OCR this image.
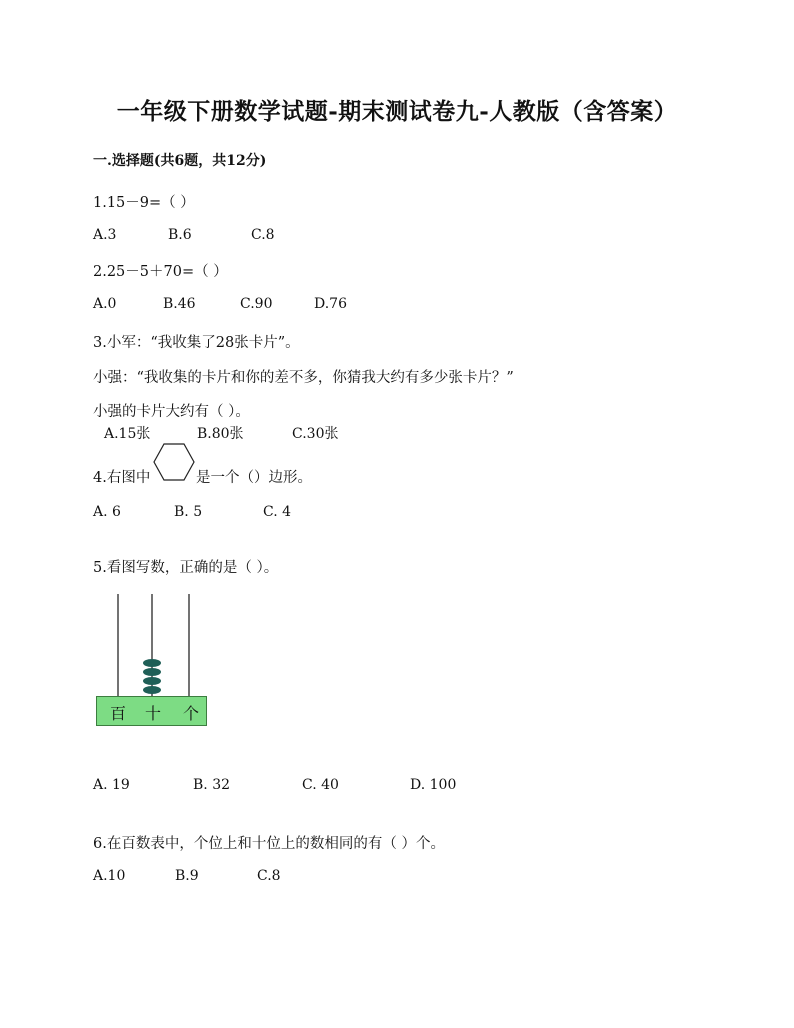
一年级下册数学试题-期末测试卷九-人教版（含答案）
一.选择题(共6题，共12分)
1.15－9=（ ）
A.3	B.6	C.8
2.25－5＋70=（ ）
A.0	B.46	C.90	D.76
3.小军：“我收集了28张卡片”。
小强：“我收集的卡片和你的差不多，你猜我大约有多少张卡片？”
小强的卡片大约有（ ）。
A.15张	B.80张	C.30张
4.右图中	是一个（）边形。
A. 6	B. 5	C. 4
5.看图写数，正确的是（ ）。
百 十 个
A. 19	B. 32	C. 40	D. 100
6.在百数表中，个位上和十位上的数相同的有（ ）个。
A.10	B.9	C.8
